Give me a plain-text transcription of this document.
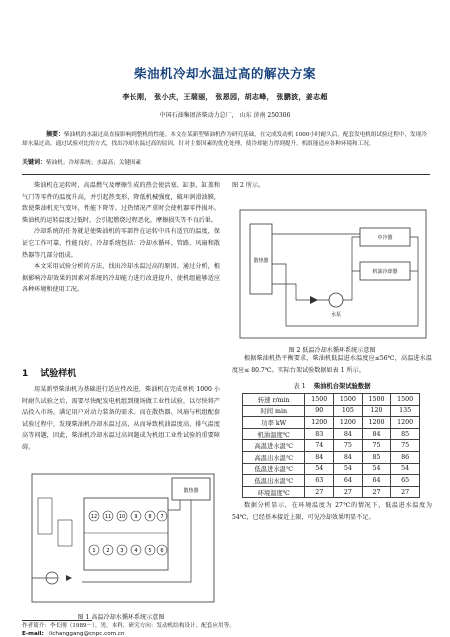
柴油机冷却水温过高的解决方案
李长刚， 张小庆，王瑞丽， 张恩园，胡志峰， 张鹏波，姜志超
中国石油集团济柴动力总厂， 山东 济南 250306
摘要：柴油机的水温过高直接影响到整机的性能。本文在某新型柴油机作为研究基础，在完成发动机 1000小时耐久后，配套发电机组试验过程中，发现冷却水温过高，通过试验对比的方式，找出冷却水温过高的原因，针对主要因素的优化处理，使冷却能力得到提升，机组能适应各种环境和工况。
关键词：柴油机；冷却系统；水温高；关键因素

柴油机在运转时，高温燃气及摩擦生成的热会使活塞、缸套、缸盖和气门等零件的温度升高，并引起热变形，降低机械强度，破坏润滑油膜，致使柴油机充气变坏，性能下降等。过热情况严重时会使机器零件损坏。柴油机的运转温度过低时，会引起燃烧过程恶化，摩擦损失等不良后果。

冷却系统的任务就是使柴油机的零部件在运转中具有适宜的温度，保证它工作可靠，性能良好。冷却系统包括：冷却水循环、管路、风扇和散热器等几部分组成。

本文采用试验分析的方法，找出冷却水温过高的原因。通过分析，根据影响冷却效果的因素对系统的冷却能力进行改进提升，使机组能够适应各种环境和使用工况。

1 试验样机

用某新型柴油机为基础进行适应性改进，柴油机在完成单机 1000 小时耐久试验之后，需要尽快配发电机组到现场做工业性试验，以尽快将产品投入市场，满足用户对动力装备的需求。而在散热器、风扇与机组配套试验过程中，发现柴油机冷却水温过高，从而导致机油温度高、排气温度高等问题，因此，柴油机冷却水温过高问题成为机组工业性试验的重要障碍。

散热器
12 11 10 9 8 7
1 2 3 4 5 6
图 1 高温冷却水循环系统示意图

图 2 所示。

散热器
中冷器
机油冷却器
水泵
图 2 低温冷却水循环系统示意图

根据柴油机热平衡要求，柴油机低温进水温度应≤56℃，高温进水温度应≤ 80.7℃。实际台架试验数据如表 1 所示。

表 1 柴油机台架试验数据
转速 r/min	1500	1500	1500	1500
时间 min	90	105	120	135
功率 kW	1200	1200	1200	1200
机油温度℃	83	84	84	85
高温进水温℃	74	75	75	75
高温出水温℃	84	84	85	86
低温进水温℃	54	54	54	54
低温出水温℃	63	64	64	65
环境温度℃	27	27	27	27

数据分析显示，在环境温度为 27℃的情况下，低温进水温度为 54℃，已经基本接近上限，可见冷却效果明显不足。

作者简介：李长刚（1989－），男，本科，研究方向：发动机结构设计、配套应用等。
E-mail: lichanggang@cnpc.com.cn
